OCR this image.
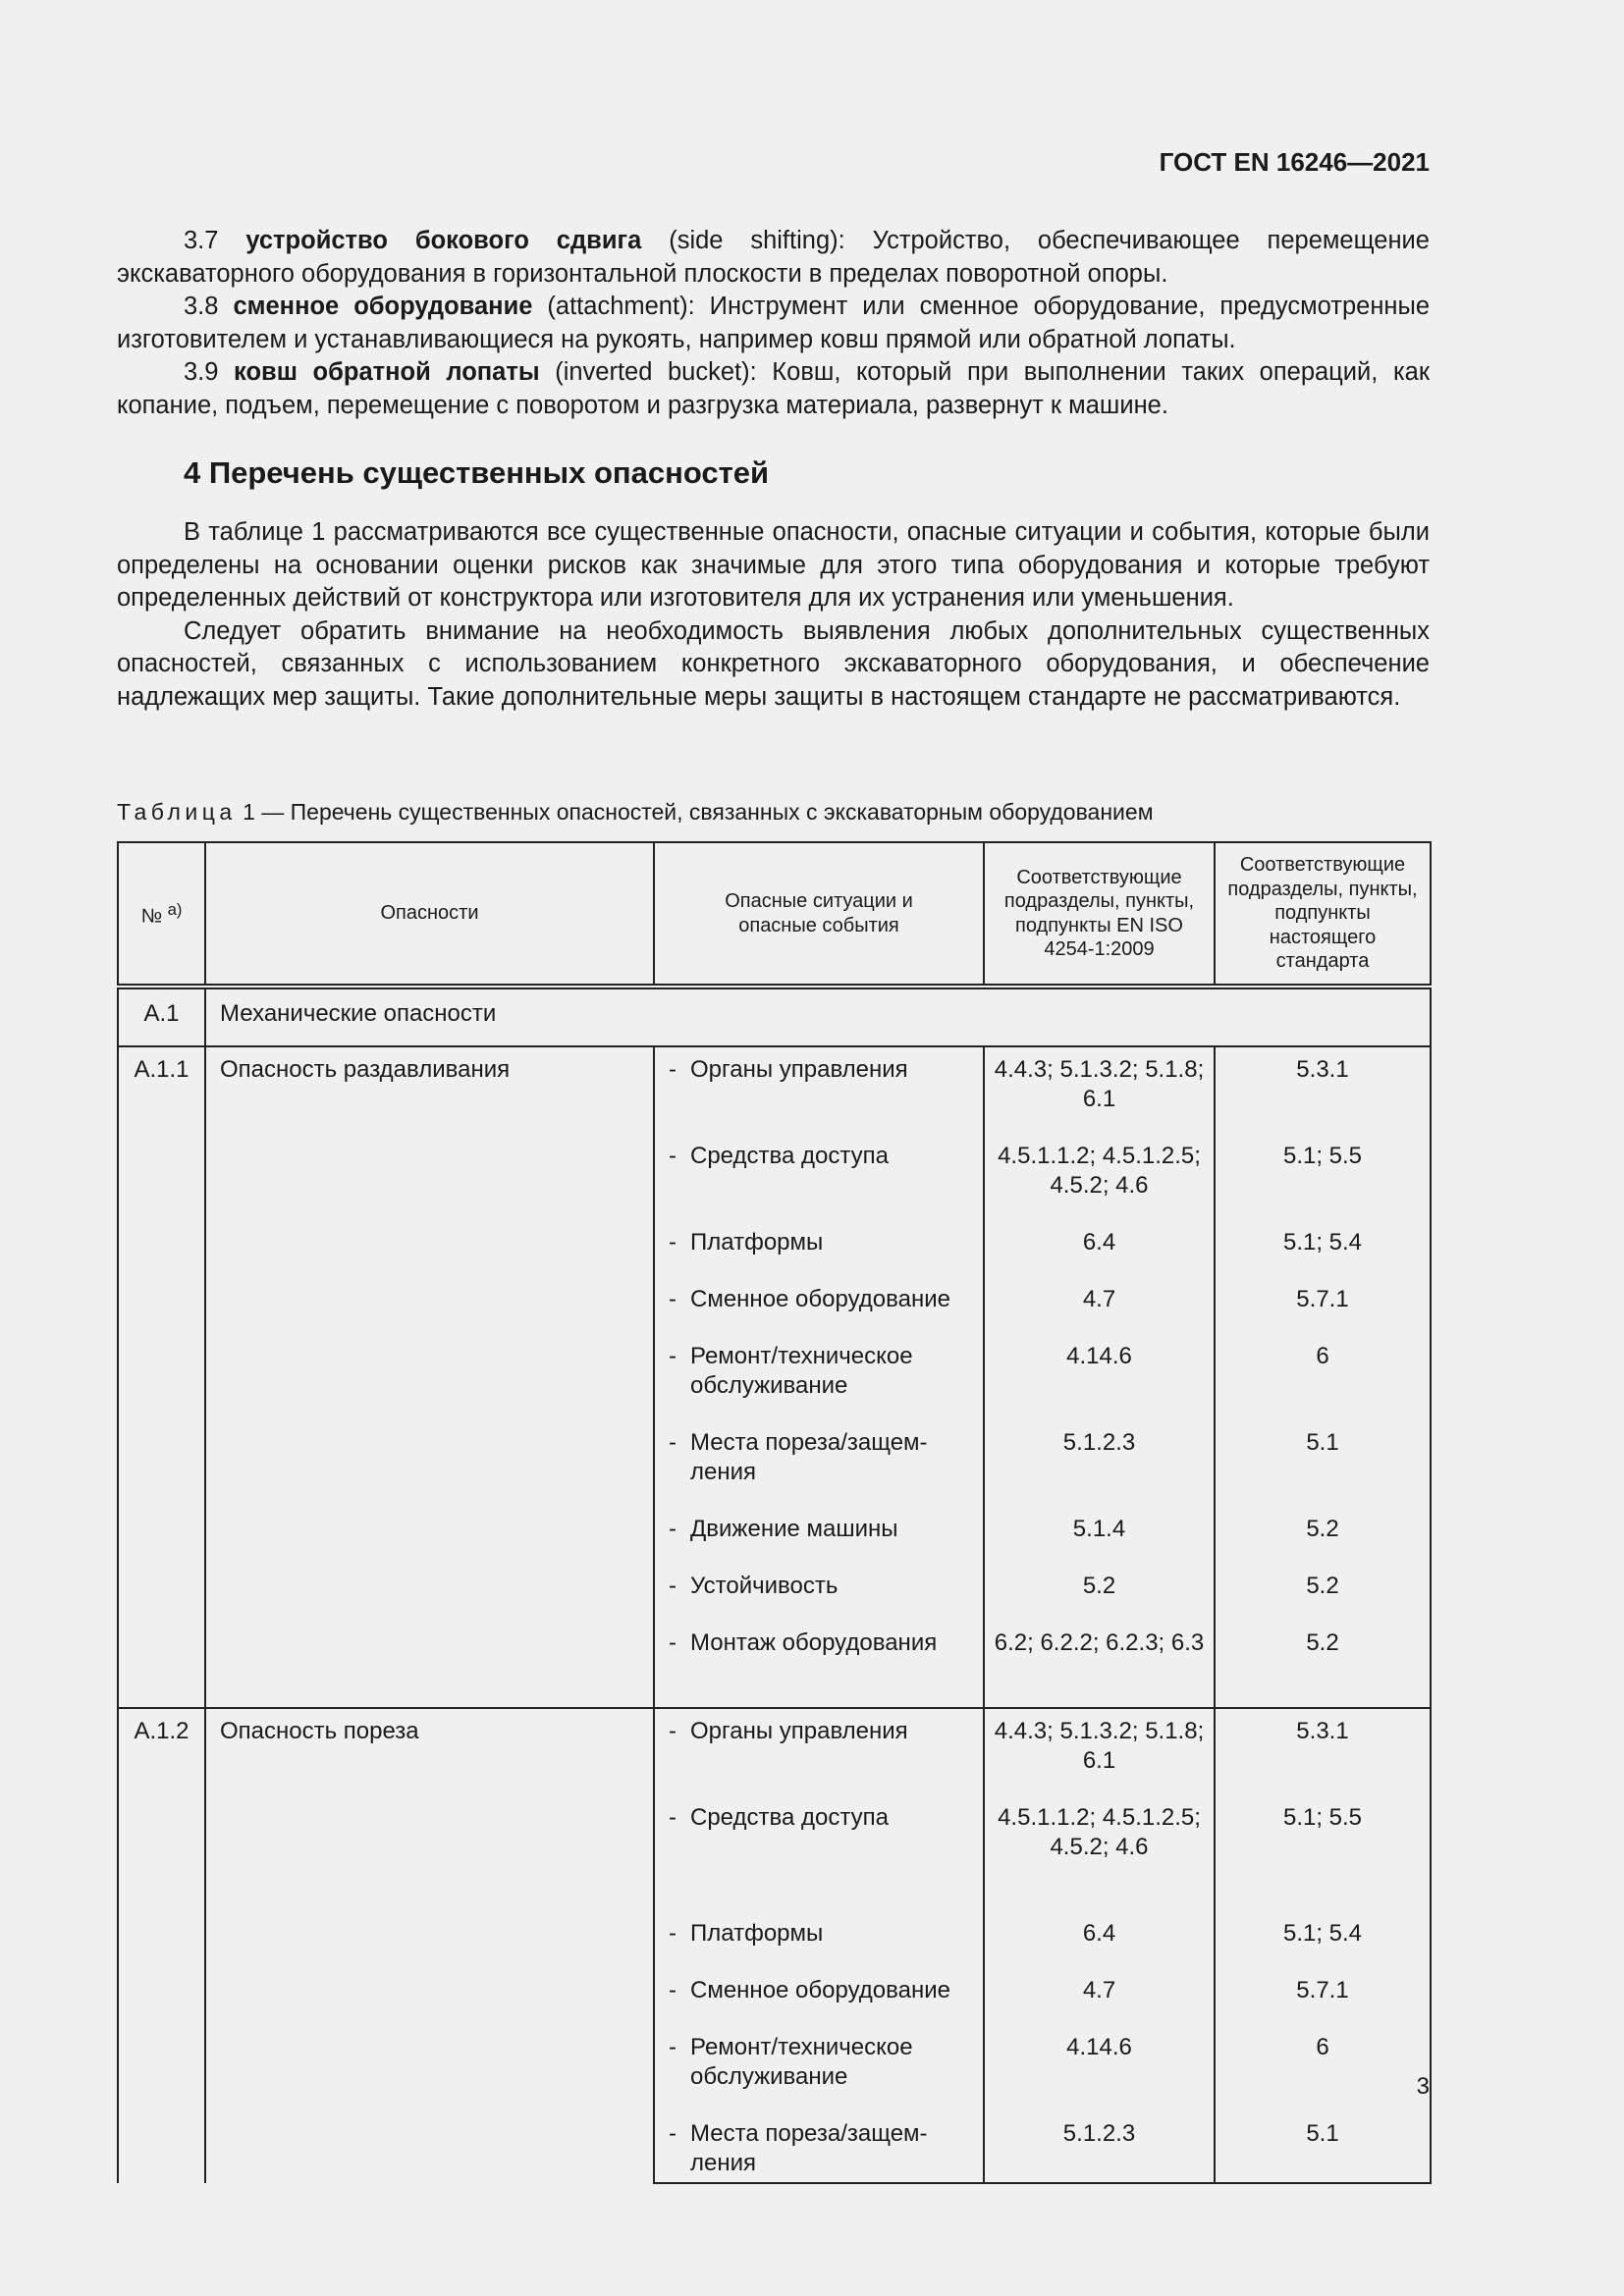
ГОСТ EN 16246—2021

3.7 устройство бокового сдвига (side shifting): Устройство, обеспечивающее перемещение экскаваторного оборудования в горизонтальной плоскости в пределах поворотной опоры.

3.8 сменное оборудование (attachment): Инструмент или сменное оборудование, предусмотренные изготовителем и устанавливающиеся на рукоять, например ковш прямой или обратной лопаты.

3.9 ковш обратной лопаты (inverted bucket): Ковш, который при выполнении таких операций, как копание, подъем, перемещение с поворотом и разгрузка материала, развернут к машине.

4 Перечень существенных опасностей

В таблице 1 рассматриваются все существенные опасности, опасные ситуации и события, которые были определены на основании оценки рисков как значимые для этого типа оборудования и которые требуют определенных действий от конструктора или изготовителя для их устранения или уменьшения.

Следует обратить внимание на необходимость выявления любых дополнительных существенных опасностей, связанных с использованием конкретного экскаваторного оборудования, и обеспечение надлежащих мер защиты. Такие дополнительные меры защиты в настоящем стандарте не рассматриваются.

Таблица 1 — Перечень существенных опасностей, связанных с экскаваторным оборудованием
№ $^{а)}$	Опасности	Опасные ситуации и опасные события	Соответствующие подразделы, пункты, подпункты EN ISO 4254-1:2009	Соответствующие подразделы, пункты, подпункты настоящего стандарта
А.1	Механические опасности			
А.1.1	Опасность раздавливания	- Органы управления	4.4.3; 5.1.3.2; 5.1.8; 6.1	5.3.1

		- Средства доступа	4.5.1.1.2; 4.5.1.2.5; 4.5.2; 4.6	5.1; 5.5

		- Платформы	6.4	5.1; 5.4

		- Сменное оборудование	4.7	5.7.1

		- Ремонт/техническое обслуживание	4.14.6	6

		- Места пореза/защем-ления	5.1.2.3	5.1

		- Движение машины	5.1.4	5.2

		- Устойчивость	5.2	5.2

		- Монтаж оборудования	6.2; 6.2.2; 6.2.3; 6.3	5.2
А.1.2	Опасность пореза	- Органы управления	4.4.3; 5.1.3.2; 5.1.8; 6.1	5.3.1

		- Средства доступа	4.5.1.1.2; 4.5.1.2.5; 4.5.2; 4.6	5.1; 5.5

		- Платформы	6.4	5.1; 5.4

		- Сменное оборудование	4.7	5.7.1

		- Ремонт/техническое обслуживание	4.14.6	6

		- Места пореза/защем-ления	5.1.2.3	5.1
3
